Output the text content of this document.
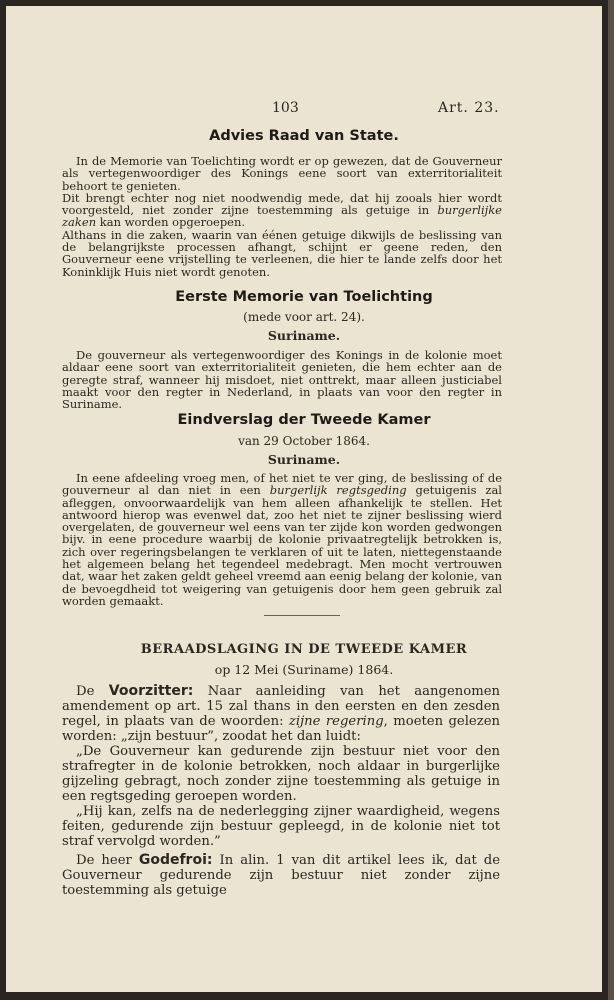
103	Art. 23.
Advies Raad van State.
In de Memorie van Toelichting wordt er op gewezen, dat de Gouverneur als vertegenwoordiger des Konings eene soort van exterritorialiteit behoort te genieten.
Dit brengt echter nog niet noodwendig mede, dat hij zooals hier wordt voorgesteld, niet zonder zijne toestemming als getuige in burgerlijke zaken kan worden opgeroepen.
Althans in die zaken, waarin van éénen getuige dikwijls de beslissing van de belangrijkste processen afhangt, schijnt er geene reden, den Gouverneur eene vrijstelling te verleenen, die hier te lande zelfs door het Koninklijk Huis niet wordt genoten.
Eerste Memorie van Toelichting
(mede voor art. 24).
Suriname.
De gouverneur als vertegenwoordiger des Konings in de kolonie moet aldaar eene soort van exterritorialiteit genieten, die hem echter aan de geregte straf, wanneer hij misdoet, niet onttrekt, maar alleen justiciabel maakt voor den regter in Nederland, in plaats van voor den regter in Suriname.
Eindverslag der Tweede Kamer
van 29 October 1864.
Suriname.
In eene afdeeling vroeg men, of het niet te ver ging, de beslissing of de gouverneur al dan niet in een burgerlijk regtsgeding getuigenis zal afleggen, onvoorwaardelijk van hem alleen afhankelijk te stellen. Het antwoord hierop was evenwel dat, zoo het niet te zijner beslissing wierd overgelaten, de gouverneur wel eens van ter zijde kon worden gedwongen bijv. in eene procedure waarbij de kolonie privaatregtelijk betrokken is, zich over regeringsbelangen te verklaren of uit te laten, niettegenstaande het algemeen belang het tegendeel medebragt. Men mocht vertrouwen dat, waar het zaken geldt geheel vreemd aan eenig belang der kolonie, van de bevoegdheid tot weigering van getuigenis door hem geen gebruik zal worden gemaakt.
BERAADSLAGING IN DE TWEEDE KAMER
op 12 Mei (Suriname) 1864.
De Voorzitter: Naar aanleiding van het aangenomen amendement op art. 15 zal thans in den eersten en den zesden regel, in plaats van de woorden: zijne regering, moeten gelezen worden: „zijn bestuur”, zoodat het dan luidt:
„De Gouverneur kan gedurende zijn bestuur niet voor den strafregter in de kolonie betrokken, noch aldaar in burgerlijke gijzeling gebragt, noch zonder zijne toestemming als getuige in een regtsgeding geroepen worden.
„Hij kan, zelfs na de nederlegging zijner waardigheid, wegens feiten, gedurende zijn bestuur gepleegd, in de kolonie niet tot straf vervolgd worden.”
De heer Godefroi: In alin. 1 van dit artikel lees ik, dat de Gouverneur gedurende zijn bestuur niet zonder zijne toestemming als getuige
